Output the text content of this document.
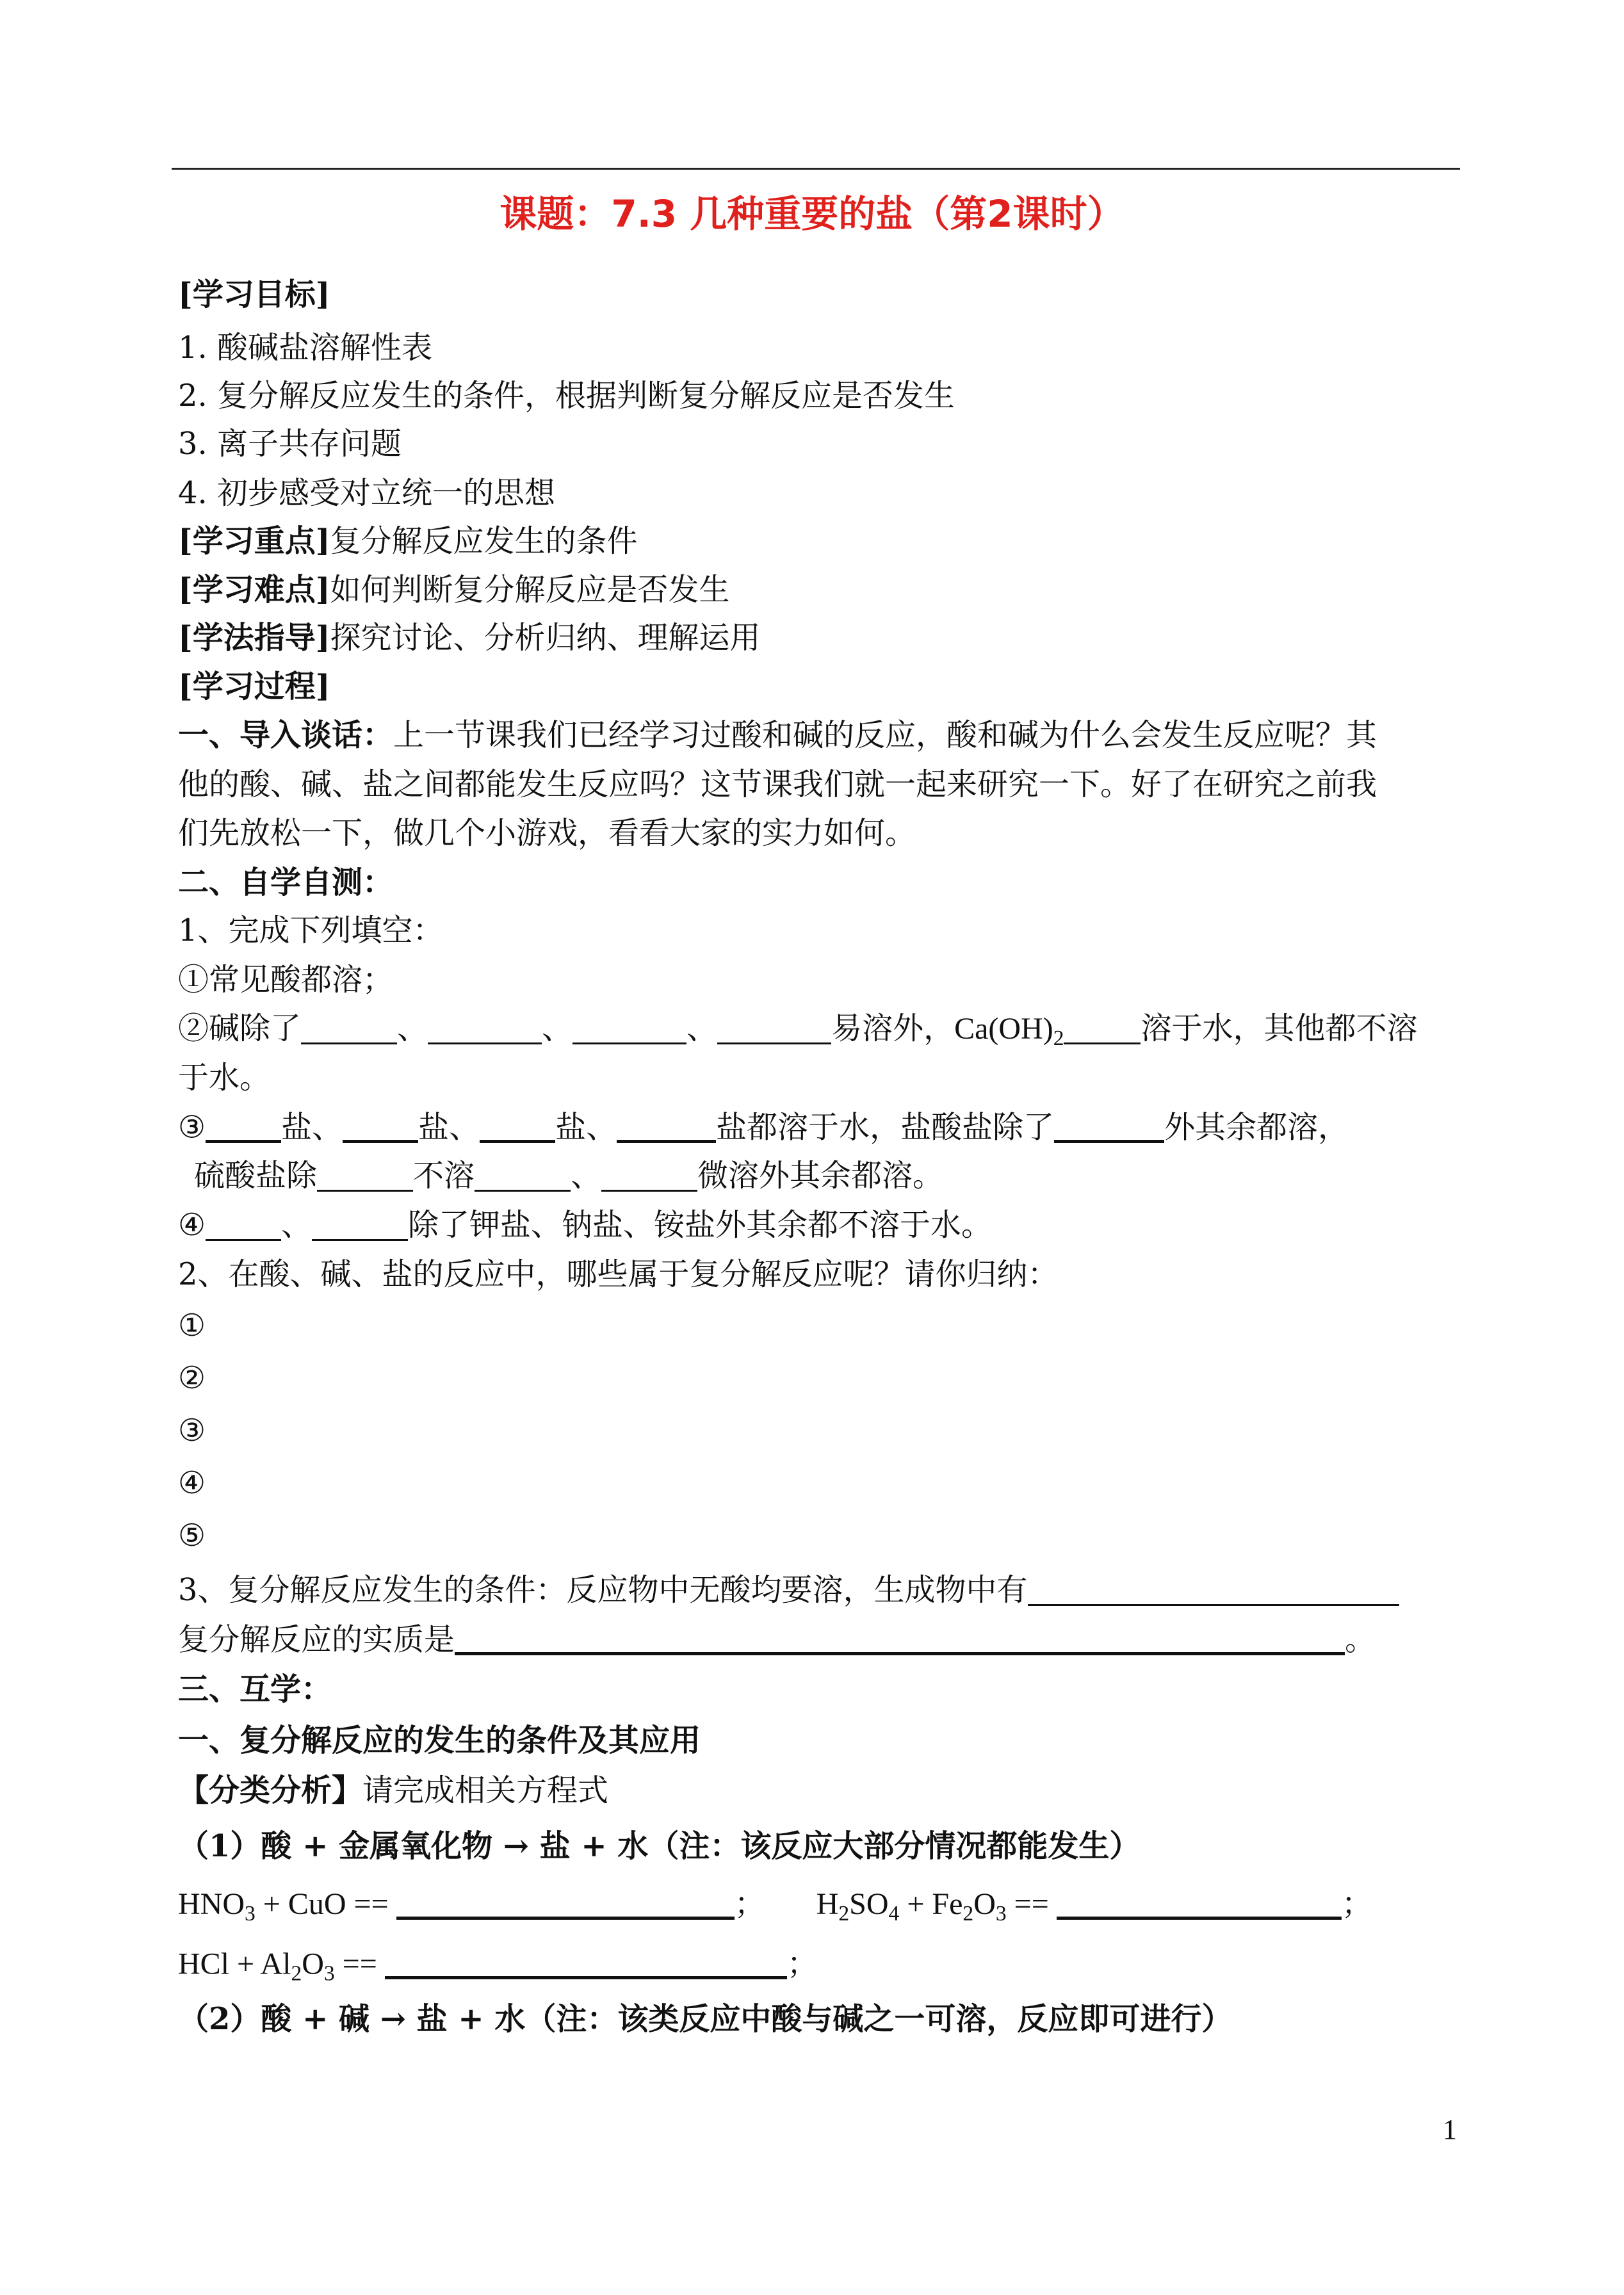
课题：7.3 几种重要的盐（第2课时）
[学习目标]
1. 酸碱盐溶解性表
2. 复分解反应发生的条件，根据判断复分解反应是否发生
3. 离子共存问题
4. 初步感受对立统一的思想
[学习重点]复分解反应发生的条件
[学习难点]如何判断复分解反应是否发生
[学法指导]探究讨论、分析归纳、理解运用
[学习过程]
一、导入谈话：上一节课我们已经学习过酸和碱的反应，酸和碱为什么会发生反应呢？其
他的酸、碱、盐之间都能发生反应吗？这节课我们就一起来研究一下。好了在研究之前我
们先放松一下，做几个小游戏，看看大家的实力如何。
二、自学自测：
1、完成下列填空：
①常见酸都溶；
②碱除了	、	、	、	易溶外，$Ca(OH)_2$	溶于水，其他都不溶
于水。
③ 盐、 盐、 盐、	盐都溶于水，盐酸盐除了	外其余都溶，
硫酸盐除	不溶	、	微溶外其余都溶。
④ 、	除了钾盐、钠盐、铵盐外其余都不溶于水。
2、在酸、碱、盐的反应中，哪些属于复分解反应呢？请你归纳：
①
②
③
④
⑤
3、复分解反应发生的条件：反应物中无酸均要溶，生成物中有
复分解反应的实质是	。
三、互学：
一、复分解反应的发生的条件及其应用
【分类分析】请完成相关方程式
（1）酸 + 金属氧化物 → 盐 + 水（注：该反应大部分情况都能发生）
$HNO_3$ + CuO ==	； $H_2SO_4 + Fe_2O_3$ ==	；
HCl + $Al_2O_3$ ==	；
（2）酸 + 碱 → 盐 + 水（注：该类反应中酸与碱之一可溶，反应即可进行）
1
